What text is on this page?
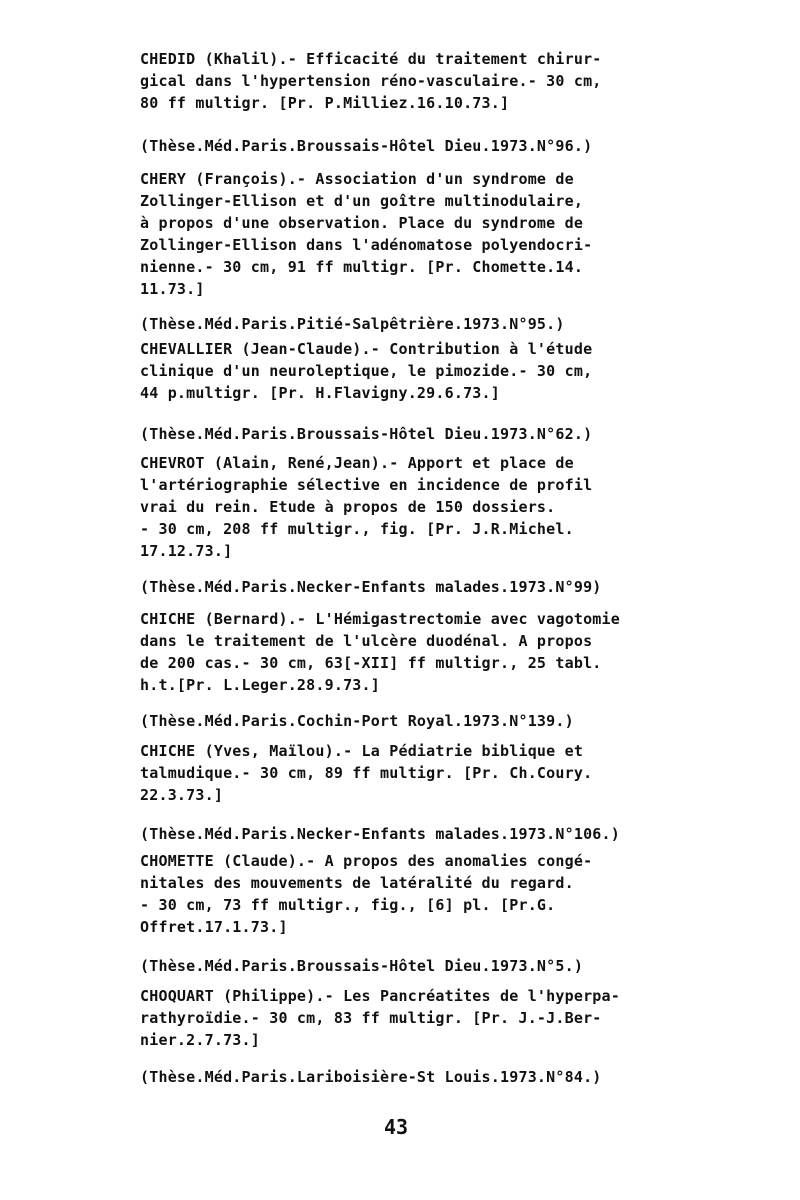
CHEDID (Khalil).- Efficacité du traitement chirur-
gical dans l'hypertension réno-vasculaire.- 30 cm,
80 ff multigr. [Pr. P.Milliez.16.10.73.]
(Thèse.Méd.Paris.Broussais-Hôtel Dieu.1973.N°96.)
CHERY (François).- Association d'un syndrome de
Zollinger-Ellison et d'un goître multinodulaire,
à propos d'une observation. Place du syndrome de
Zollinger-Ellison dans l'adénomatose polyendocri-
nienne.- 30 cm, 91 ff multigr. [Pr. Chomette.14.
11.73.]
(Thèse.Méd.Paris.Pitié-Salpêtrière.1973.N°95.)
CHEVALLIER (Jean-Claude).- Contribution à l'étude
clinique d'un neuroleptique, le pimozide.- 30 cm,
44 p.multigr. [Pr. H.Flavigny.29.6.73.]
(Thèse.Méd.Paris.Broussais-Hôtel Dieu.1973.N°62.)
CHEVROT (Alain, René,Jean).- Apport et place de
l'artériographie sélective en incidence de profil
vrai du rein. Etude à propos de 150 dossiers.
- 30 cm, 208 ff multigr., fig. [Pr. J.R.Michel.
17.12.73.]
(Thèse.Méd.Paris.Necker-Enfants malades.1973.N°99)
CHICHE (Bernard).- L'Hémigastrectomie avec vagotomie
dans le traitement de l'ulcère duodénal. A propos
de 200 cas.- 30 cm, 63[-XII] ff multigr., 25 tabl.
h.t.[Pr. L.Leger.28.9.73.]
(Thèse.Méd.Paris.Cochin-Port Royal.1973.N°139.)
CHICHE (Yves, Maïlou).- La Pédiatrie biblique et
talmudique.- 30 cm, 89 ff multigr. [Pr. Ch.Coury.
22.3.73.]
(Thèse.Méd.Paris.Necker-Enfants malades.1973.N°106.)
CHOMETTE (Claude).- A propos des anomalies congé-
nitales des mouvements de latéralité du regard.
- 30 cm, 73 ff multigr., fig., [6] pl. [Pr.G.
Offret.17.1.73.]
(Thèse.Méd.Paris.Broussais-Hôtel Dieu.1973.N°5.)
CHOQUART (Philippe).- Les Pancréatites de l'hyperpa-
rathyroïdie.- 30 cm, 83 ff multigr. [Pr. J.-J.Ber-
nier.2.7.73.]
(Thèse.Méd.Paris.Lariboisière-St Louis.1973.N°84.)
43
